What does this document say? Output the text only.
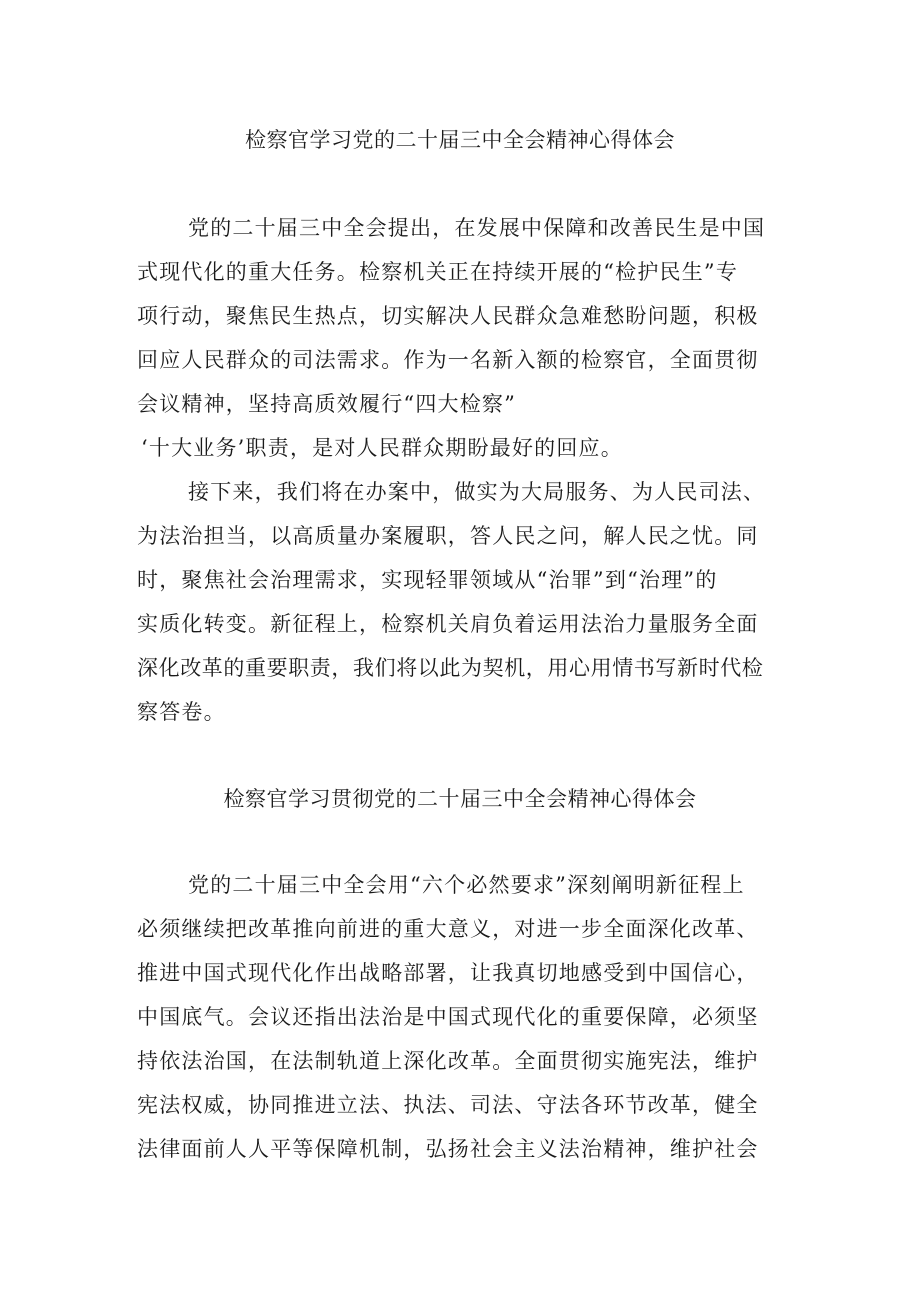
检察官学习党的二十届三中全会精神心得体会
党的二十届三中全会提出，在发展中保障和改善民生是中国
式现代化的重大任务。检察机关正在持续开展的“检护民生”专
项行动，聚焦民生热点，切实解决人民群众急难愁盼问题，积极
回应人民群众的司法需求。作为一名新入额的检察官，全面贯彻
会议精神，坚持高质效履行“四大检察”
‘十大业务’职责，是对人民群众期盼最好的回应。
接下来，我们将在办案中，做实为大局服务、为人民司法、
为法治担当，以高质量办案履职，答人民之问，解人民之忧。同
时，聚焦社会治理需求，实现轻罪领域从“治罪”到“治理”的
实质化转变。新征程上，检察机关肩负着运用法治力量服务全面
深化改革的重要职责，我们将以此为契机，用心用情书写新时代检
察答卷。
检察官学习贯彻党的二十届三中全会精神心得体会
党的二十届三中全会用“六个必然要求”深刻阐明新征程上
必须继续把改革推向前进的重大意义，对进一步全面深化改革、
推进中国式现代化作出战略部署，让我真切地感受到中国信心，
中国底气。会议还指出法治是中国式现代化的重要保障，必须坚
持依法治国，在法制轨道上深化改革。全面贯彻实施宪法，维护
宪法权威，协同推进立法、执法、司法、守法各环节改革，健全
法律面前人人平等保障机制，弘扬社会主义法治精神，维护社会
